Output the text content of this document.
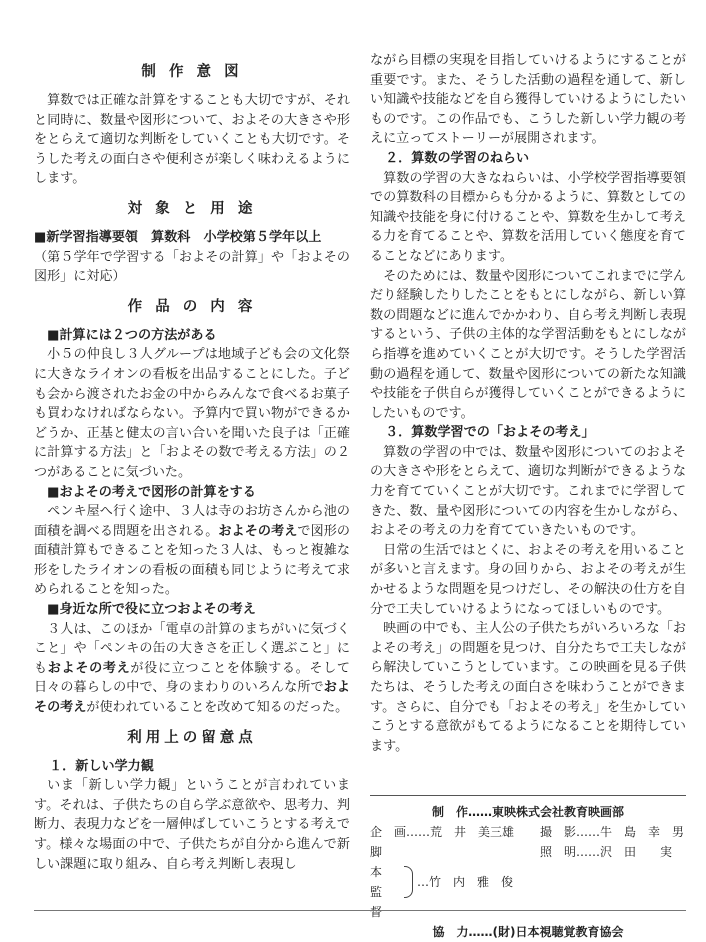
制 作 意 図

算数では正確な計算をすることも大切ですが、それと同時に、数量や図形について、およその大きさや形をとらえて適切な判断をしていくことも大切です。そうした考えの面白さや便利さが楽しく味わえるようにします。

対 象 と 用 途

■新学習指導要領　算数科　小学校第５学年以上

（第５学年で学習する「およその計算」や「およその図形」に対応）

作 品 の 内 容

■計算には２つの方法がある

小５の仲良し３人グループは地域子ども会の文化祭に大きなライオンの看板を出品することにした。子ども会から渡されたお金の中からみんなで食べるお菓子も買わなければならない。予算内で買い物ができるかどうか、正基と健太の言い合いを聞いた良子は「正確に計算する方法」と「およその数で考える方法」の２つがあることに気づいた。

■およその考えで図形の計算をする

ペンキ屋へ行く途中、３人は寺のお坊さんから池の面積を調べる問題を出される。およその考えで図形の面積計算もできることを知った３人は、もっと複雑な形をしたライオンの看板の面積も同じように考えて求められることを知った。

■身近な所で役に立つおよその考え

３人は、このほか「電卓の計算のまちがいに気づくこと」や「ペンキの缶の大きさを正しく選ぶこと」にもおよその考えが役に立つことを体験する。そして日々の暮らしの中で、身のまわりのいろんな所でおよその考えが使われていることを改めて知るのだった。

利用上の留意点

１．新しい学力観

いま「新しい学力観」ということが言われています。それは、子供たちの自ら学ぶ意欲や、思考力、判断力、表現力などを一層伸ばしていこうとする考えです。様々な場面の中で、子供たちが自分から進んで新しい課題に取り組み、自ら考え判断し表現し

ながら目標の実現を目指していけるようにすることが重要です。また、そうした活動の過程を通して、新しい知識や技能などを自ら獲得していけるようにしたいものです。この作品でも、こうした新しい学力観の考えに立ってストーリーが展開されます。

２．算数の学習のねらい

算数の学習の大きなねらいは、小学校学習指導要領での算数科の目標からも分かるように、算数としての知識や技能を身に付けることや、算数を生かして考える力を育てることや、算数を活用していく態度を育てることなどにあります。

そのためには、数量や図形についてこれまでに学んだり経験したりしたことをもとにしながら、新しい算数の問題などに進んでかかわり、自ら考え判断し表現するという、子供の主体的な学習活動をもとにしながら指導を進めていくことが大切です。そうした学習活動の過程を通して、数量や図形についての新たな知識や技能を子供自らが獲得していくことができるようにしたいものです。

３．算数学習での「およその考え」

算数の学習の中では、数量や図形についてのおよその大きさや形をとらえて、適切な判断ができるような力を育てていくことが大切です。これまでに学習してきた、数、量や図形についての内容を生かしながら、およその考えの力を育てていきたいものです。

日常の生活ではとくに、およその考えを用いることが多いと言えます。身の回りから、およその考えが生かせるような問題を見つけだし、その解決の仕方を自分で工夫していけるようになってほしいものです。

映画の中でも、主人公の子供たちがいろいろな「およその考え」の問題を見つけ、自分たちで工夫しながら解決していこうとしています。この映画を見る子供たちは、そうした考えの面白さを味わうことができます。さらに、自分でも「およその考え」を生かしていこうとする意欲がもてるようになることを期待しています。

制　作……東映株式会社教育映画部
企　画……荒　井　美三雄	撮　影……牛　島　幸　男
脚　本
監　督
…竹　内　雅　俊
照　明……沢　田　　実
協　力……(財)日本視聴覚教育協会
